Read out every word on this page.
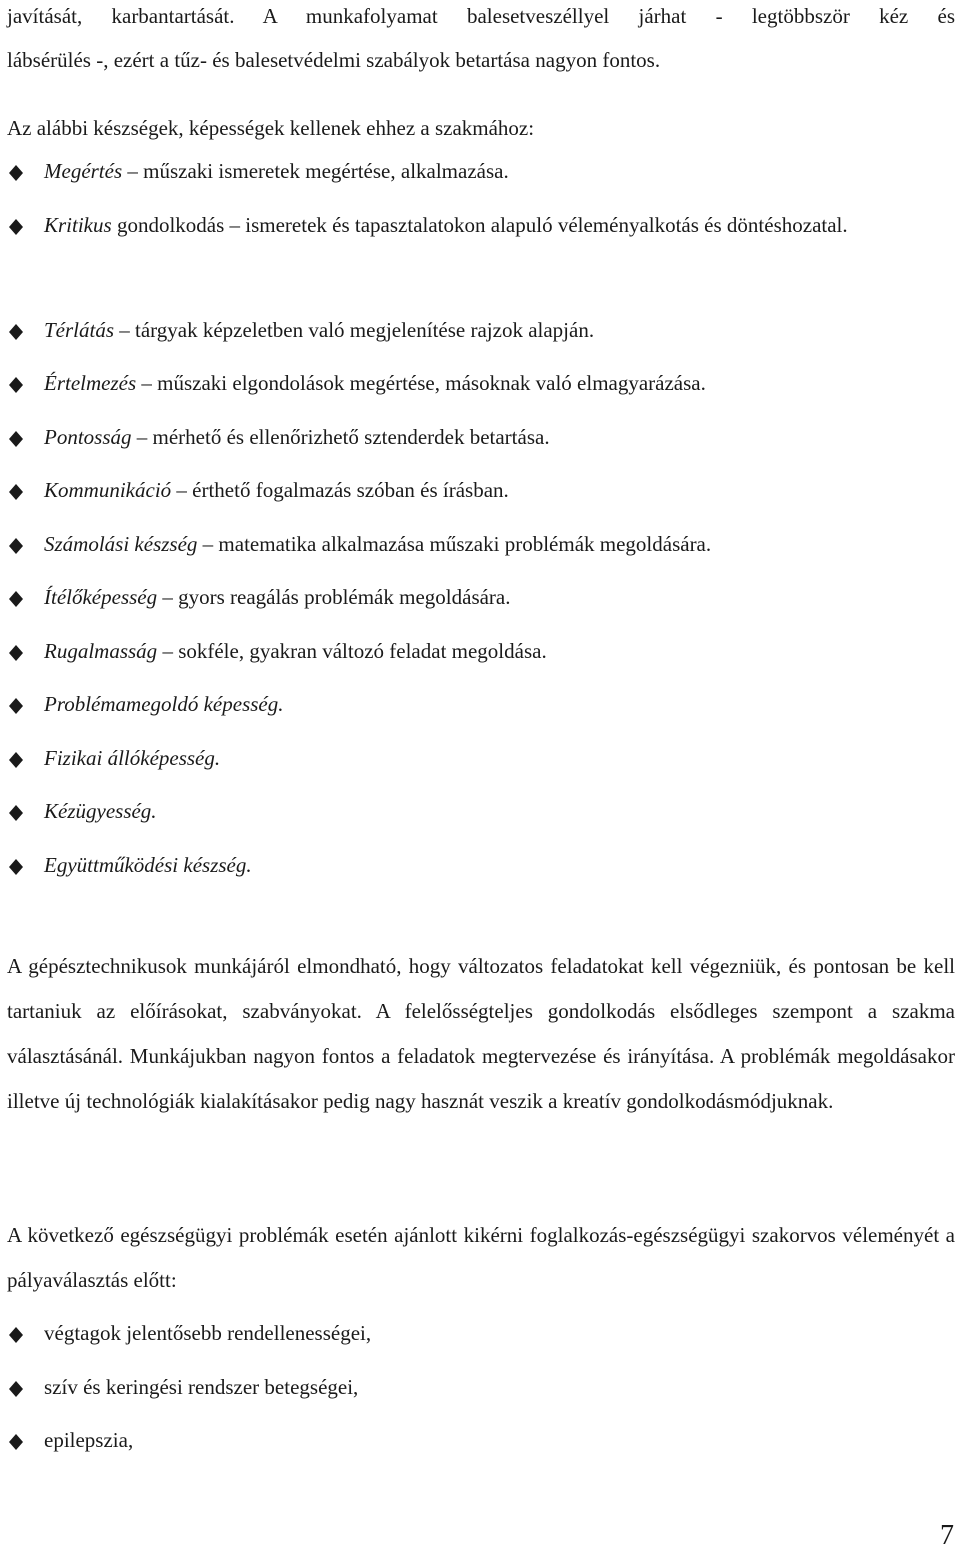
javítását, karbantartását. A munkafolyamat balesetveszéllyel járhat - legtöbbször kéz és

lábsérülés -, ezért a tűz- és balesetvédelmi szabályok betartása nagyon fontos.

Az alábbi készségek, képességek kellenek ehhez a szakmához:

Megértés – műszaki ismeretek megértése, alkalmazása.
Kritikus gondolkodás – ismeretek és tapasztalatokon alapuló véleményalkotás és döntéshozatal.
Térlátás – tárgyak képzeletben való megjelenítése rajzok alapján.
Értelmezés – műszaki elgondolások megértése, másoknak való elmagyarázása.
Pontosság – mérhető és ellenőrizhető sztenderdek betartása.
Kommunikáció – érthető fogalmazás szóban és írásban.
Számolási készség – matematika alkalmazása műszaki problémák megoldására.
Ítélőképesség – gyors reagálás problémák megoldására.
Rugalmasság – sokféle, gyakran változó feladat megoldása.
Problémamegoldó képesség.
Fizikai állóképesség.
Kézügyesség.
Együttműködési készség.

A gépésztechnikusok munkájáról elmondható, hogy változatos feladatokat kell végezniük, és pontosan be kell tartaniuk az előírásokat, szabványokat. A felelősségteljes gondolkodás elsődleges szempont a szakma választásánál. Munkájukban nagyon fontos a feladatok megtervezése és irányítása. A problémák megoldásakor illetve új technológiák kialakításakor pedig nagy hasznát veszik a kreatív gondolkodásmódjuknak.

A következő egészségügyi problémák esetén ajánlott kikérni foglalkozás-egészségügyi szakorvos véleményét a pályaválasztás előtt:

végtagok jelentősebb rendellenességei,
szív és keringési rendszer betegségei,
epilepszia,
7
